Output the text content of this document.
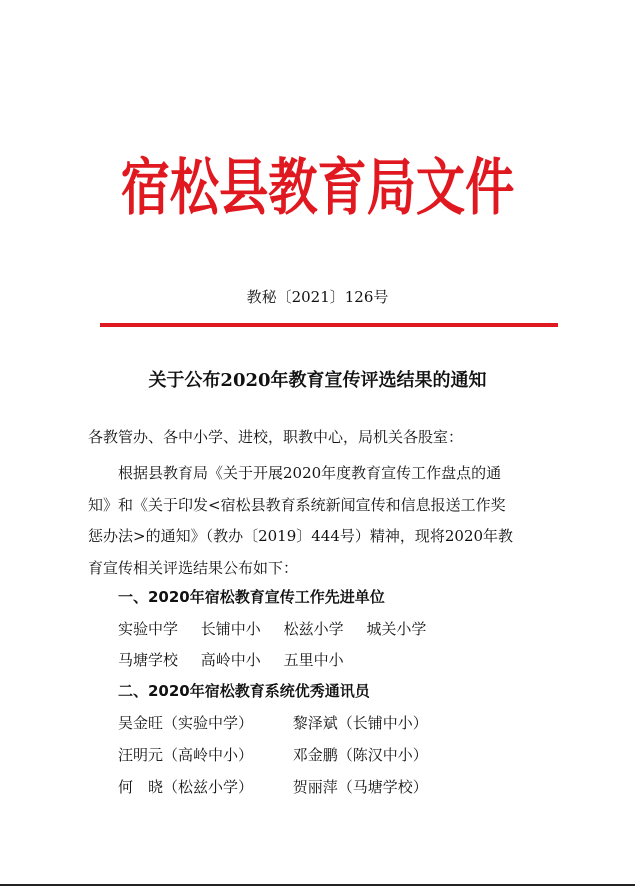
宿松县教育局文件
教秘〔2021〕126号
关于公布2020年教育宣传评选结果的通知
各教管办、各中小学、进校，职教中心，局机关各股室：
根据县教育局《关于开展2020年度教育宣传工作盘点的通
知》和《关于印发<宿松县教育系统新闻宣传和信息报送工作奖
惩办法>的通知》（教办〔2019〕444号）精神，现将2020年教
育宣传相关评选结果公布如下：
一、2020年宿松教育宣传工作先进单位
实验中学 长铺中小 松兹小学 城关小学
马塘学校 高岭中小 五里中小
二、2020年宿松教育系统优秀通讯员
吴金旺（实验中学）	黎泽斌（长铺中小）
汪明元（高岭中小）	邓金鹏（陈汉中小）
何　晓（松兹小学）	贺丽萍（马塘学校）
